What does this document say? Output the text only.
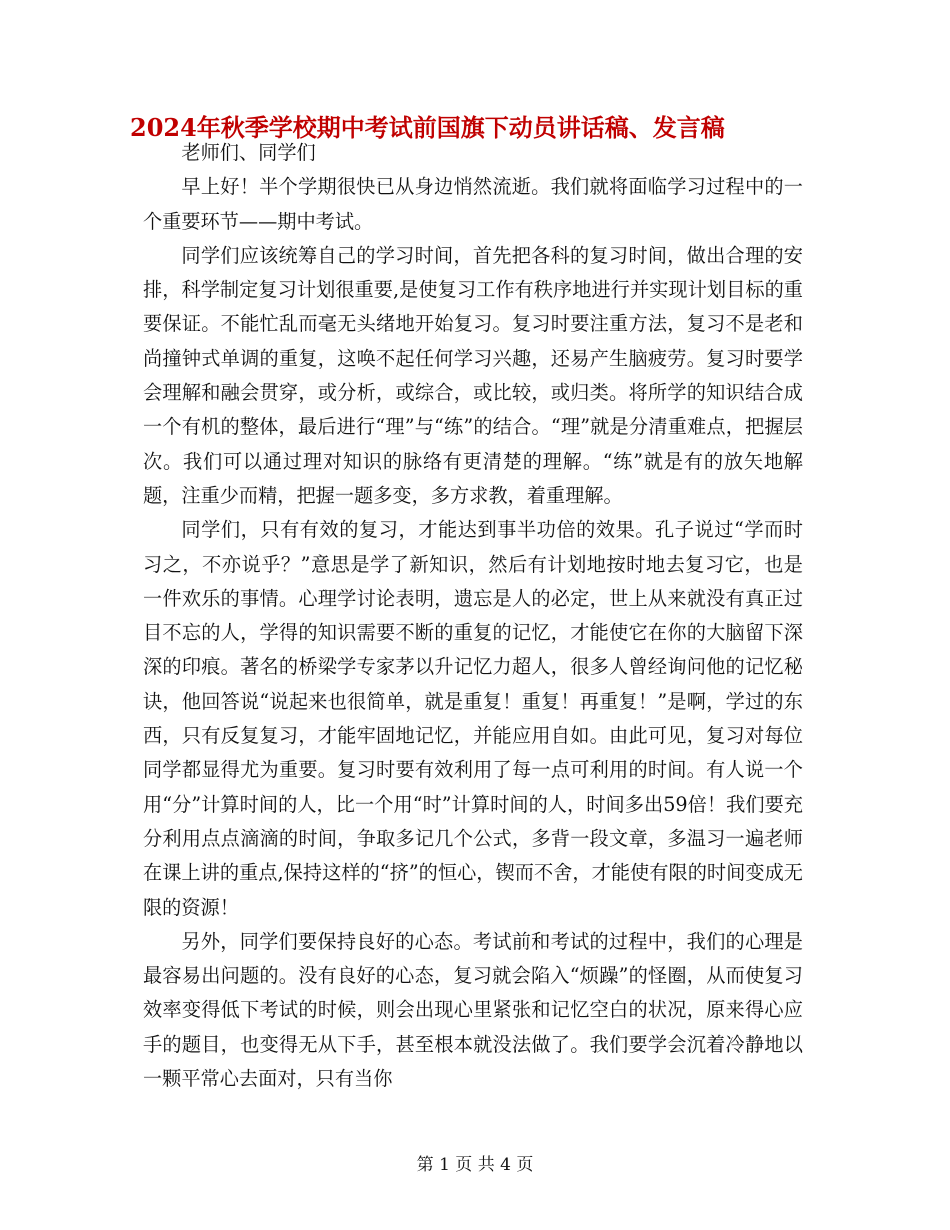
2024年秋季学校期中考试前国旗下动员讲话稿、发言稿

老师们、同学们

早上好！半个学期很快已从身边悄然流逝。我们就将面临学习过程中的一个重要环节——期中考试。

同学们应该统筹自己的学习时间，首先把各科的复习时间，做出合理的安排，科学制定复习计划很重要,是使复习工作有秩序地进行并实现计划目标的重要保证。不能忙乱而毫无头绪地开始复习。复习时要注重方法，复习不是老和尚撞钟式单调的重复，这唤不起任何学习兴趣，还易产生脑疲劳。复习时要学会理解和融会贯穿，或分析，或综合，或比较，或归类。将所学的知识结合成一个有机的整体，最后进行“理”与“练”的结合。“理”就是分清重难点，把握层次。我们可以通过理对知识的脉络有更清楚的理解。“练”就是有的放矢地解题，注重少而精，把握一题多变，多方求教，着重理解。

同学们，只有有效的复习，才能达到事半功倍的效果。孔子说过“学而时习之，不亦说乎？”意思是学了新知识，然后有计划地按时地去复习它，也是一件欢乐的事情。心理学讨论表明，遗忘是人的必定，世上从来就没有真正过目不忘的人，学得的知识需要不断的重复的记忆，才能使它在你的大脑留下深深的印痕。著名的桥梁学专家茅以升记忆力超人，很多人曾经询问他的记忆秘诀，他回答说“说起来也很简单，就是重复！重复！再重复！”是啊，学过的东西，只有反复复习，才能牢固地记忆，并能应用自如。由此可见，复习对每位同学都显得尤为重要。复习时要有效利用了每一点可利用的时间。有人说一个用“分”计算时间的人，比一个用“时”计算时间的人，时间多出59倍！我们要充分利用点点滴滴的时间，争取多记几个公式，多背一段文章，多温习一遍老师在课上讲的重点,保持这样的“挤”的恒心，锲而不舍，才能使有限的时间变成无限的资源！

另外，同学们要保持良好的心态。考试前和考试的过程中，我们的心理是最容易出问题的。没有良好的心态，复习就会陷入“烦躁”的怪圈，从而使复习效率变得低下考试的时候，则会出现心里紧张和记忆空白的状况，原来得心应手的题目，也变得无从下手，甚至根本就没法做了。我们要学会沉着冷静地以一颗平常心去面对，只有当你

第 1 页 共 4 页
